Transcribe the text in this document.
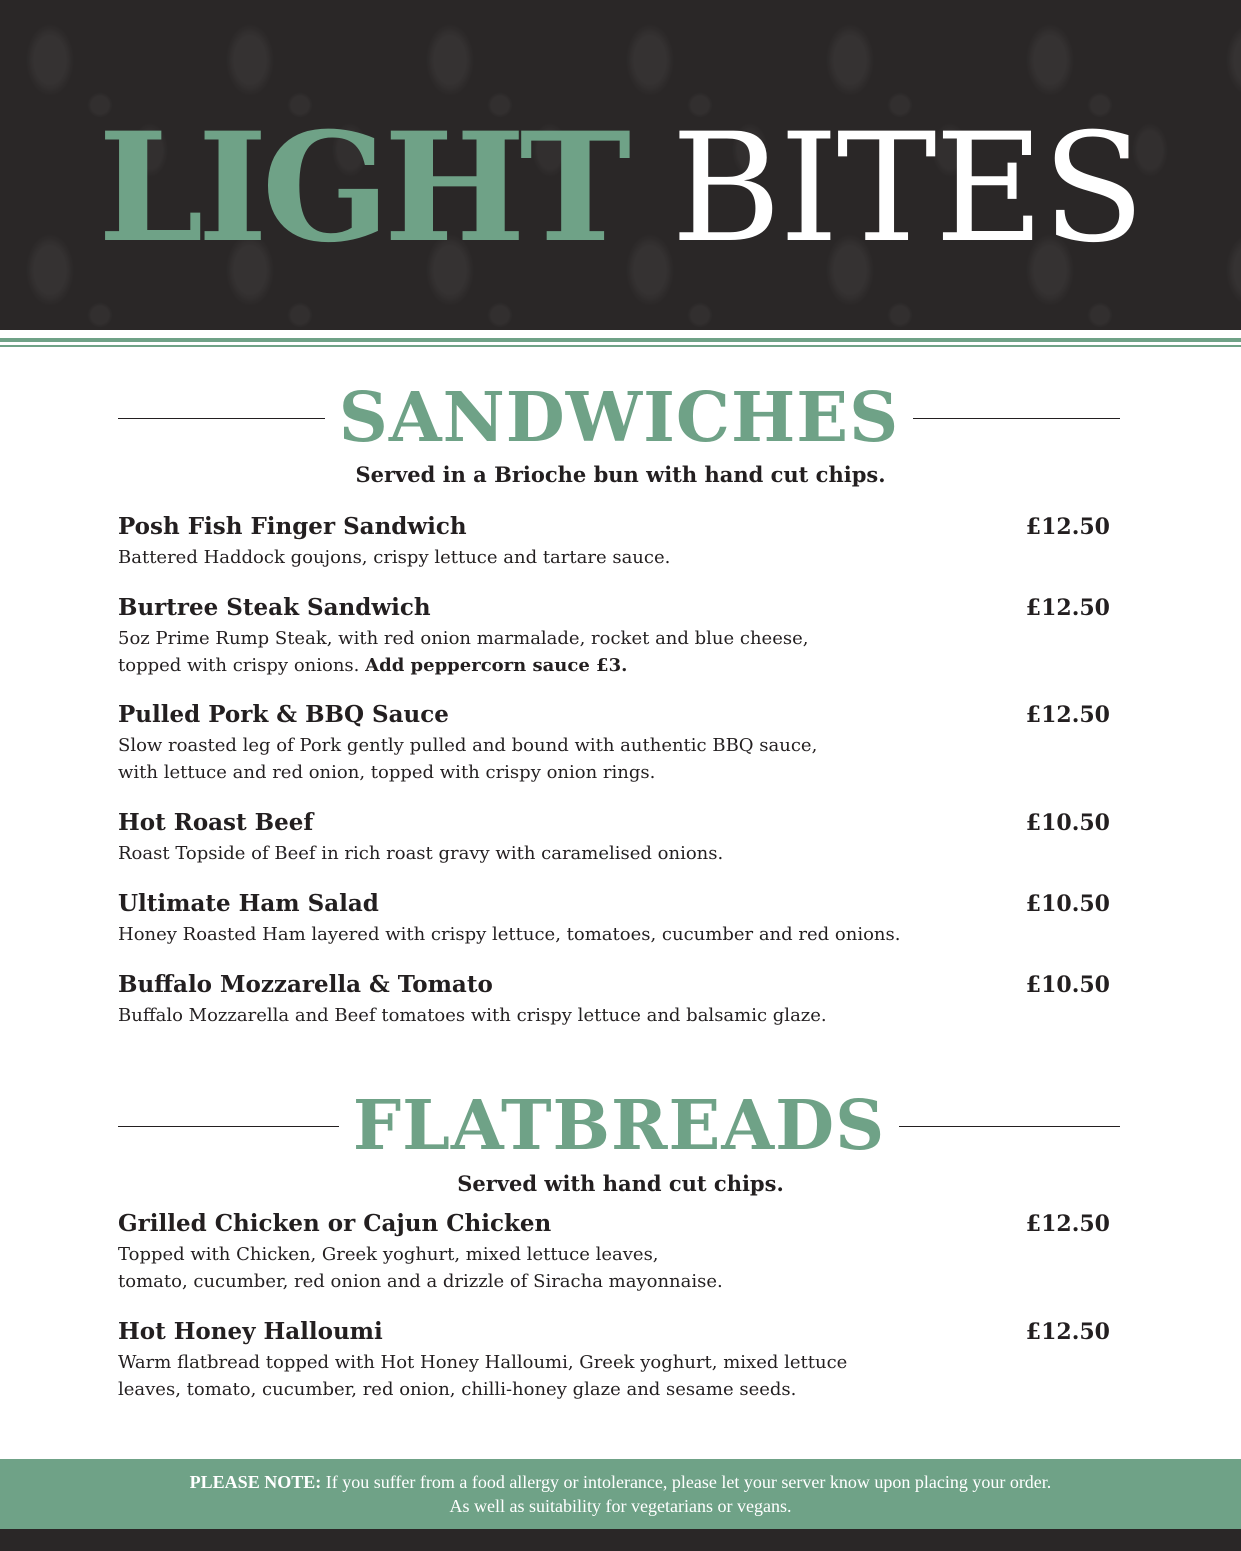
LIGHT BITES
SANDWICHES
Served in a Brioche bun with hand cut chips.
Posh Fish Finger Sandwich	£12.50
Battered Haddock goujons, crispy lettuce and tartare sauce.
Burtree Steak Sandwich	£12.50
5oz Prime Rump Steak, with red onion marmalade, rocket and blue cheese,
topped with crispy onions. Add peppercorn sauce £3.
Pulled Pork & BBQ Sauce	£12.50
Slow roasted leg of Pork gently pulled and bound with authentic BBQ sauce,
with lettuce and red onion, topped with crispy onion rings.
Hot Roast Beef	£10.50
Roast Topside of Beef in rich roast gravy with caramelised onions.
Ultimate Ham Salad	£10.50
Honey Roasted Ham layered with crispy lettuce, tomatoes, cucumber and red onions.
Buffalo Mozzarella & Tomato	£10.50
Buffalo Mozzarella and Beef tomatoes with crispy lettuce and balsamic glaze.
FLATBREADS
Served with hand cut chips.
Grilled Chicken or Cajun Chicken	£12.50
Topped with Chicken, Greek yoghurt, mixed lettuce leaves,
tomato, cucumber, red onion and a drizzle of Siracha mayonnaise.
Hot Honey Halloumi	£12.50
Warm flatbread topped with Hot Honey Halloumi, Greek yoghurt, mixed lettuce
leaves, tomato, cucumber, red onion, chilli-honey glaze and sesame seeds.
PLEASE NOTE: If you suffer from a food allergy or intolerance, please let your server know upon placing your order.
As well as suitability for vegetarians or vegans.
